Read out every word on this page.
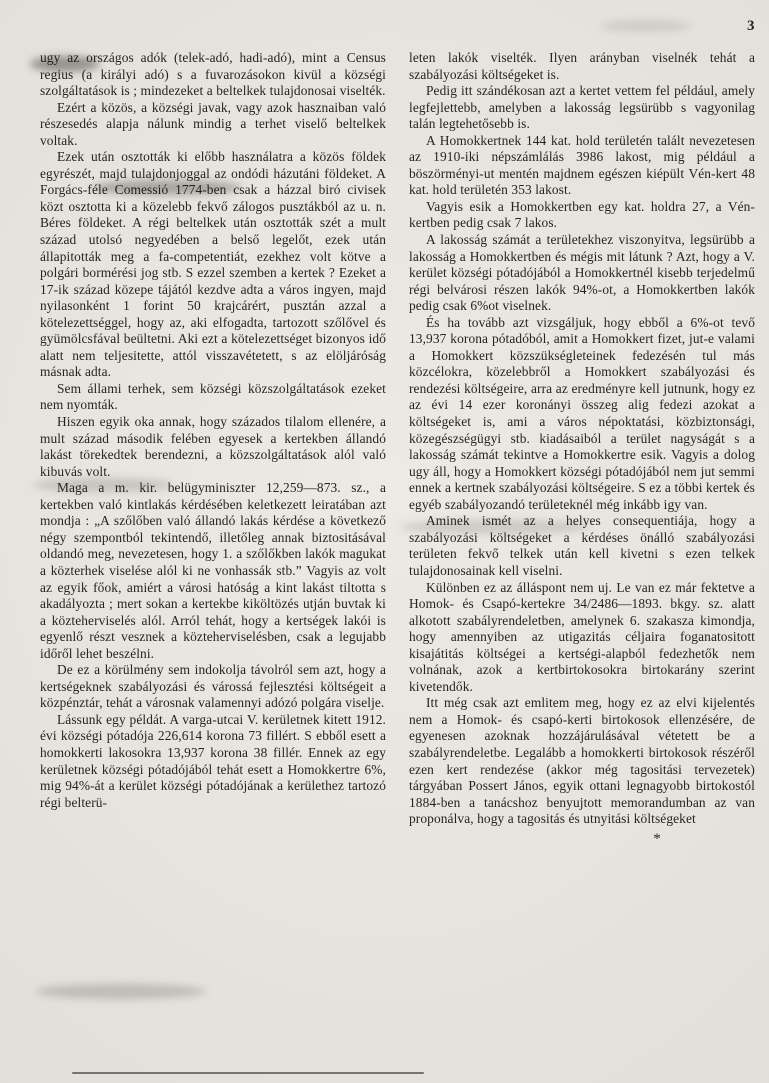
3

ugy az országos adók (telek-adó, hadi-adó), mint a Census regius (a királyi adó) s a fuvarozásokon kivül a községi szolgáltatások is ; mindezeket a beltelkek tulajdonosai viselték.

Ezért a közös, a községi javak, vagy azok hasznaiban való részesedés alapja nálunk mindig a terhet viselő beltelkek voltak.

Ezek után osztották ki előbb használatra a közös földek egyrészét, majd tulajdonjoggal az ondódi házutáni földeket. A Forgács-féle Comessió 1774-ben csak a házzal biró civisek közt osztotta ki a közelebb fekvő zálogos pusztákból az u. n. Béres földeket. A régi beltelkek után osztották szét a mult század utolsó negyedében a belső legelőt, ezek után állapitották meg a fa-competentiát, ezekhez volt kötve a polgári bormérési jog stb. S ezzel szemben a kertek ? Ezeket a 17-ik század közepe tájától kezdve adta a város ingyen, majd nyilasonként 1 forint 50 krajcárért, pusztán azzal a kötelezettséggel, hogy az, aki elfogadta, tartozott szőlővel és gyümölcsfával beültetni. Aki ezt a kötelezettséget bizonyos idő alatt nem teljesitette, attól visszavétetett, s az elöljáróság másnak adta.

Sem állami terhek, sem községi közszolgáltatások ezeket nem nyomták.

Hiszen egyik oka annak, hogy százados tilalom ellenére, a mult század második felében egyesek a kertekben állandó lakást törekedtek berendezni, a közszolgáltatások alól való kibuvás volt.

Maga a m. kir. belügyminiszter 12,259—873. sz., a kertekben való kintlakás kérdésében keletkezett leiratában azt mondja : „A szőlőben való állandó lakás kérdése a következő négy szempontból tekintendő, illetőleg annak biztositásával oldandó meg, nevezetesen, hogy 1. a szőlőkben lakók magukat a közterhek viselése alól ki ne vonhassák stb.” Vagyis az volt az egyik főok, amiért a városi hatóság a kint lakást tiltotta s akadályozta ; mert sokan a kertekbe kiköltözés utján buvtak ki a közteherviselés alól. Arról tehát, hogy a kertségek lakói is egyenlő részt vesznek a közteherviselésben, csak a legujabb időről lehet beszélni.

De ez a körülmény sem indokolja távolról sem azt, hogy a kertségeknek szabályozási és várossá fejlesztési költségeit a közpénztár, tehát a városnak valamennyi adózó polgára viselje.

Lássunk egy példát. A varga-utcai V. kerületnek kitett 1912. évi községi pótadója 226,614 korona 73 fillért. S ebből esett a homokkerti lakosokra 13,937 korona 38 fillér. Ennek az egy kerületnek községi pótadójából tehát esett a Homokkertre 6%, mig 94%-át a kerület községi pótadójának a kerülethez tartozó régi belterü-

leten lakók viselték. Ilyen arányban viselnék tehát a szabályozási költségeket is.

Pedig itt szándékosan azt a kertet vettem fel például, amely legfejlettebb, amelyben a lakosság legsürübb s vagyonilag talán legtehetősebb is.

A Homokkertnek 144 kat. hold területén talált nevezetesen az 1910-iki népszámlálás 3986 lakost, mig például a böszörményi-ut mentén majdnem egészen kiépült Vén-kert 48 kat. hold területén 353 lakost.

Vagyis esik a Homokkertben egy kat. holdra 27, a Vén-kertben pedig csak 7 lakos.

A lakosság számát a területekhez viszonyitva, legsürübb a lakosság a Homokkertben és mégis mit látunk ? Azt, hogy a V. kerület községi pótadójából a Homokkertnél kisebb terjedelmű régi belvárosi részen lakók 94%-ot, a Homokkertben lakók pedig csak 6%ot viselnek.

És ha tovább azt vizsgáljuk, hogy ebből a 6%-ot tevő 13,937 korona pótadóból, amit a Homokkert fizet, jut-e valami a Homokkert közszükségleteinek fedezésén tul más közcélokra, közelebbről a Homokkert szabályozási és rendezési költségeire, arra az eredményre kell jutnunk, hogy ez az évi 14 ezer koronányi összeg alig fedezi azokat a költségeket is, ami a város népoktatási, közbiztonsági, közegészségügyi stb. kiadásaiból a terület nagyságát s a lakosság számát tekintve a Homokkertre esik. Vagyis a dolog ugy áll, hogy a Homokkert községi pótadójából nem jut semmi ennek a kertnek szabályozási költségeire. S ez a többi kertek és egyéb szabályozandó területeknél még inkább igy van.

Aminek ismét az a helyes consequentiája, hogy a szabályozási költségeket a kérdéses önálló szabályozási területen fekvő telkek után kell kivetni s ezen telkek tulajdonosainak kell viselni.

Különben ez az álláspont nem uj. Le van ez már fektetve a Homok- és Csapó-kertekre 34/2486—1893. bkgy. sz. alatt alkotott szabályrendeletben, amelynek 6. szakasza kimondja, hogy amennyiben az utigazitás céljaira foganatositott kisajátitás költségei a kertségi-alapból fedezhetők nem volnának, azok a kertbirtokosokra birtokarány szerint kivetendők.

Itt még csak azt emlitem meg, hogy ez az elvi kijelentés nem a Homok- és csapó-kerti birtokosok ellenzésére, de egyenesen azoknak hozzájárulásával vétetett be a szabályrendeletbe. Legalább a homokkerti birtokosok részéről ezen kert rendezése (akkor még tagositási tervezetek) tárgyában Possert János, egyik ottani legnagyobb birtokostól 1884-ben a tanácshoz benyujtott memorandumban az van proponálva, hogy a tagositás és utnyitási költségeket

*
